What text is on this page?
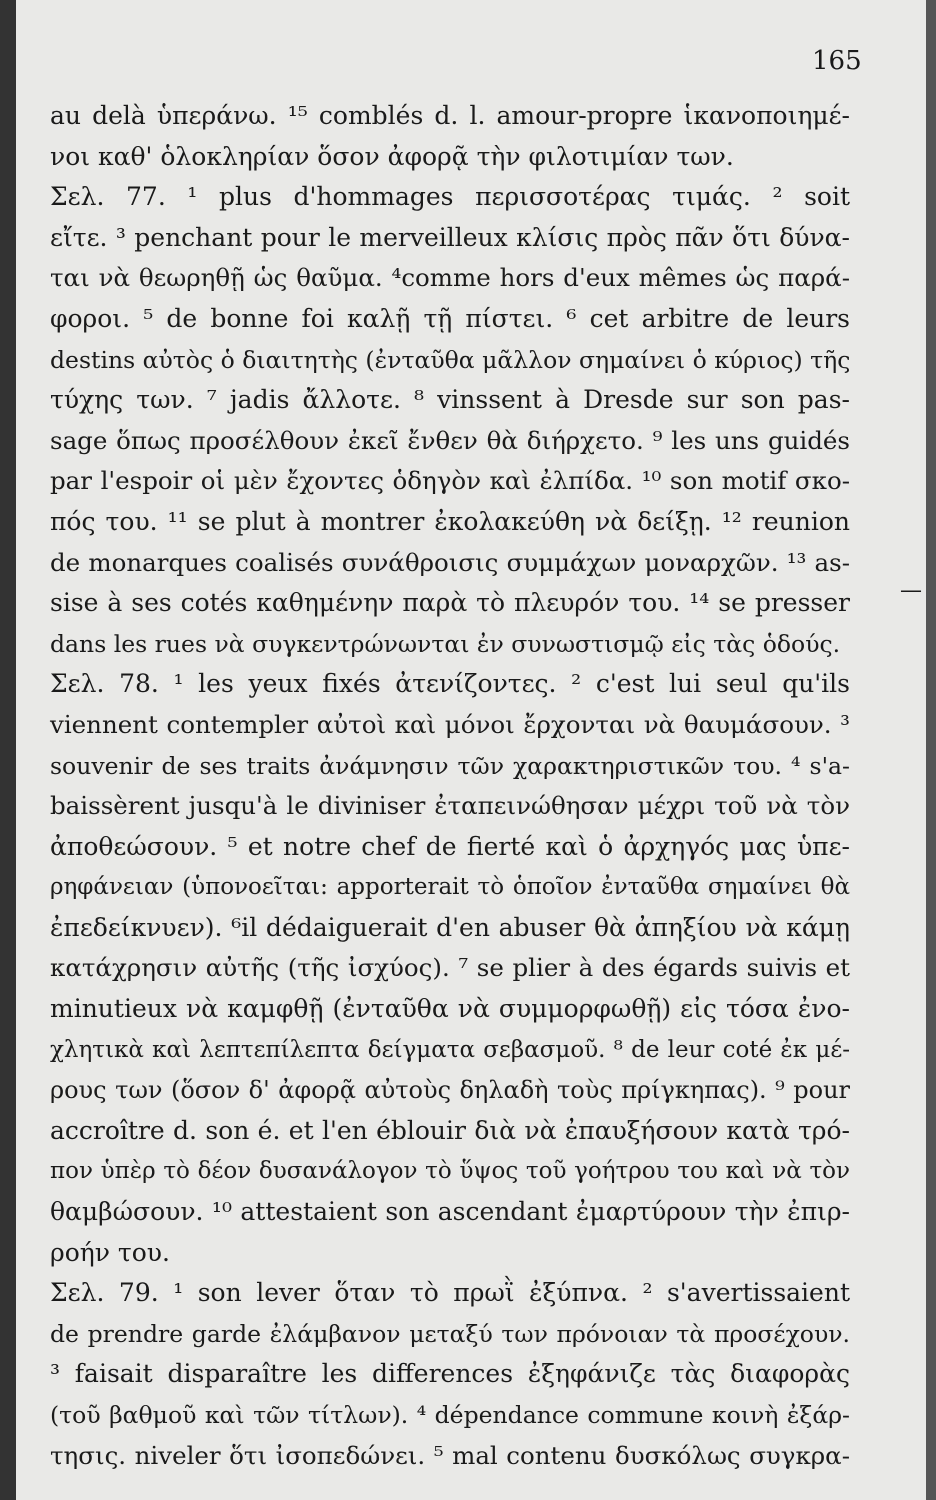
165
—
au delà ὑπεράνω. ¹⁵ comblés d. l. amour-propre ἱκανοποιημέ-
νοι καθ' ὁλοκληρίαν ὅσον ἀφορᾷ τὴν φιλοτιμίαν των.
Σελ. 77. ¹ plus d'hommages περισσοτέρας τιμάς. ² soit
εἴτε. ³ penchant pour le merveilleux κλίσις πρὸς πᾶν ὅτι δύνα-
ται νὰ θεωρηθῇ ὡς θαῦμα. ⁴comme hors d'eux mêmes ὡς παρά-
φοροι. ⁵ de bonne foi καλῇ τῇ πίστει. ⁶ cet arbitre de leurs
destins αὐτὸς ὁ διαιτητὴς (ἐνταῦθα μᾶλλον σημαίνει ὁ κύριος) τῆς
τύχης των. ⁷ jadis ἄλλοτε. ⁸ vinssent à Dresde sur son pas-
sage ὅπως προσέλθουν ἐκεῖ ἔνθεν θὰ διήρχετο. ⁹ les uns guidés
par l'espoir οἱ μὲν ἔχοντες ὁδηγὸν καὶ ἐλπίδα. ¹⁰ son motif σκο-
πός του. ¹¹ se plut à montrer ἐκολακεύθη νὰ δείξῃ. ¹² reunion
de monarques coalisés συνάθροισις συμμάχων μοναρχῶν. ¹³ as-
sise à ses cotés καθημένην παρὰ τὸ πλευρόν του. ¹⁴ se presser
dans les rues νὰ συγκεντρώνωνται ἐν συνωστισμῷ εἰς τὰς ὁδούς.
Σελ. 78. ¹ les yeux fixés ἀτενίζοντες. ² c'est lui seul qu'ils
viennent contempler αὐτοὶ καὶ μόνοι ἔρχονται νὰ θαυμάσουν. ³
souvenir de ses traits ἀνάμνησιν τῶν χαρακτηριστικῶν του. ⁴ s'a-
baissèrent jusqu'à le diviniser ἐταπεινώθησαν μέχρι τοῦ νὰ τὸν
ἀποθεώσουν. ⁵ et notre chef de fierté καὶ ὁ ἀρχηγός μας ὑπε-
ρηφάνειαν (ὑπονοεῖται: apporterait τὸ ὁποῖον ἐνταῦθα σημαίνει θὰ
ἐπεδείκνυεν). ⁶il dédaiguerait d'en abuser θὰ ἀπηξίου νὰ κάμῃ
κατάχρησιν αὐτῆς (τῆς ἰσχύος). ⁷ se plier à des égards suivis et
minutieux νὰ καμφθῇ (ἐνταῦθα νὰ συμμορφωθῇ) εἰς τόσα ἐνο-
χλητικὰ καὶ λεπτεπίλεπτα δείγματα σεβασμοῦ. ⁸ de leur coté ἐκ μέ-
ρους των (ὅσον δ' ἀφορᾷ αὐτοὺς δηλαδὴ τοὺς πρίγκηπας). ⁹ pour
accroître d. son é. et l'en éblouir διὰ νὰ ἐπαυξήσουν κατὰ τρό-
πον ὑπὲρ τὸ δέον δυσανάλογον τὸ ὕψος τοῦ γοήτρου του καὶ νὰ τὸν
θαμβώσουν. ¹⁰ attestaient son ascendant ἐμαρτύρουν τὴν ἐπιρ-
ροήν του.
Σελ. 79. ¹ son lever ὅταν τὸ πρωῒ ἐξύπνα. ² s'avertissaient
de prendre garde ἐλάμβανον μεταξύ των πρόνοιαν τὰ προσέχουν.
³ faisait disparaître les differences ἐξηφάνιζε τὰς διαφορὰς
(τοῦ βαθμοῦ καὶ τῶν τίτλων). ⁴ dépendance commune κοινὴ ἐξάρ-
τησις. niveler ὅτι ἰσοπεδώνει. ⁵ mal contenu δυσκόλως συγκρα-
